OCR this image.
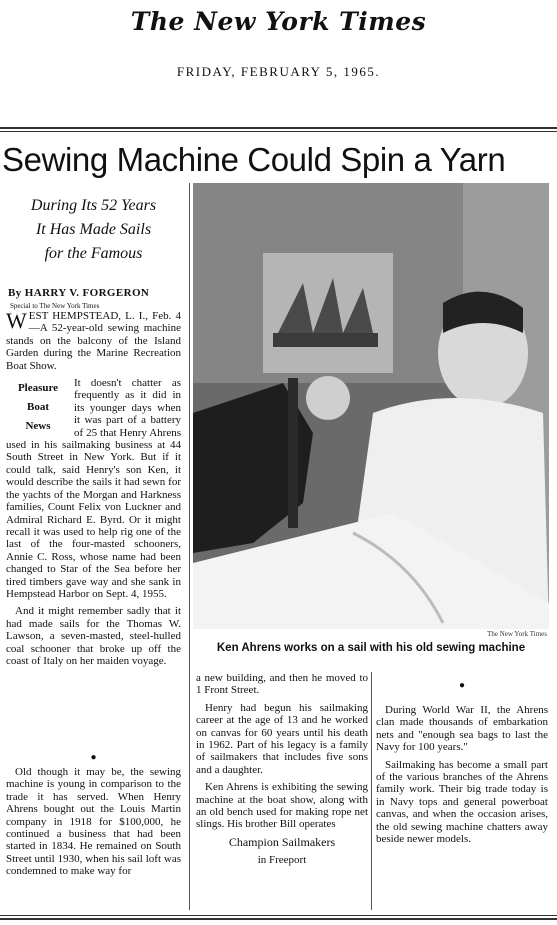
The New York Times
FRIDAY, FEBRUARY 5, 1965.
Sewing Machine Could Spin a Yarn
During Its 52 Years
It Has Made Sails
for the Famous
By HARRY V. FORGERON
Special to The New York Times
The New York Times
Ken Ahrens works on a sail with his old sewing machine

WEST HEMPSTEAD, L. I., Feb. 4—A 52-year-old sewing machine stands on the balcony of the Island Garden during the Marine Recreation Boat Show.

Pleasure
Boat
News
It doesn't chatter as frequently as it did in its younger days when it was part of a battery of 25 that Henry Ahrens used in his sailmaking business at 44 South Street in New York. But if it could talk, said Henry's son Ken, it would describe the sails it had sewn for the yachts of the Morgan and Harkness families, Count Felix von Luckner and Admiral Richard E. Byrd. Or it might recall it was used to help rig one of the last of the four-masted schooners, Annie C. Ross, whose name had been changed to Star of the Sea before her tired timbers gave way and she sank in Hempstead Harbor on Sept. 4, 1955.

And it might remember sadly that it had made sails for the Thomas W. Lawson, a seven-masted, steel-hulled coal schooner that broke up off the coast of Italy on her maiden voyage.

Old though it may be, the sewing machine is young in comparison to the trade it has served. When Henry Ahrens bought out the Louis Martin company in 1918 for $100,000, he continued a business that had been started in 1834. He remained on South Street until 1930, when his sail loft was condemned to make way for

●

a new building, and then he moved to 1 Front Street.

Henry had begun his sailmaking career at the age of 13 and he worked on canvas for 60 years until his death in 1962. Part of his legacy is a family of sailmakers that includes five sons and a daughter.

Ken Ahrens is exhibiting the sewing machine at the boat show, along with an old bench used for making rope net slings. His brother Bill operates

Champion Sailmakers
in Freeport
●

During World War II, the Ahrens clan made thousands of embarkation nets and "enough sea bags to last the Navy for 100 years."

Sailmaking has become a small part of the various branches of the Ahrens family work. Their big trade today is in Navy tops and general powerboat canvas, and when the occasion arises, the old sewing machine chatters away beside newer models.
